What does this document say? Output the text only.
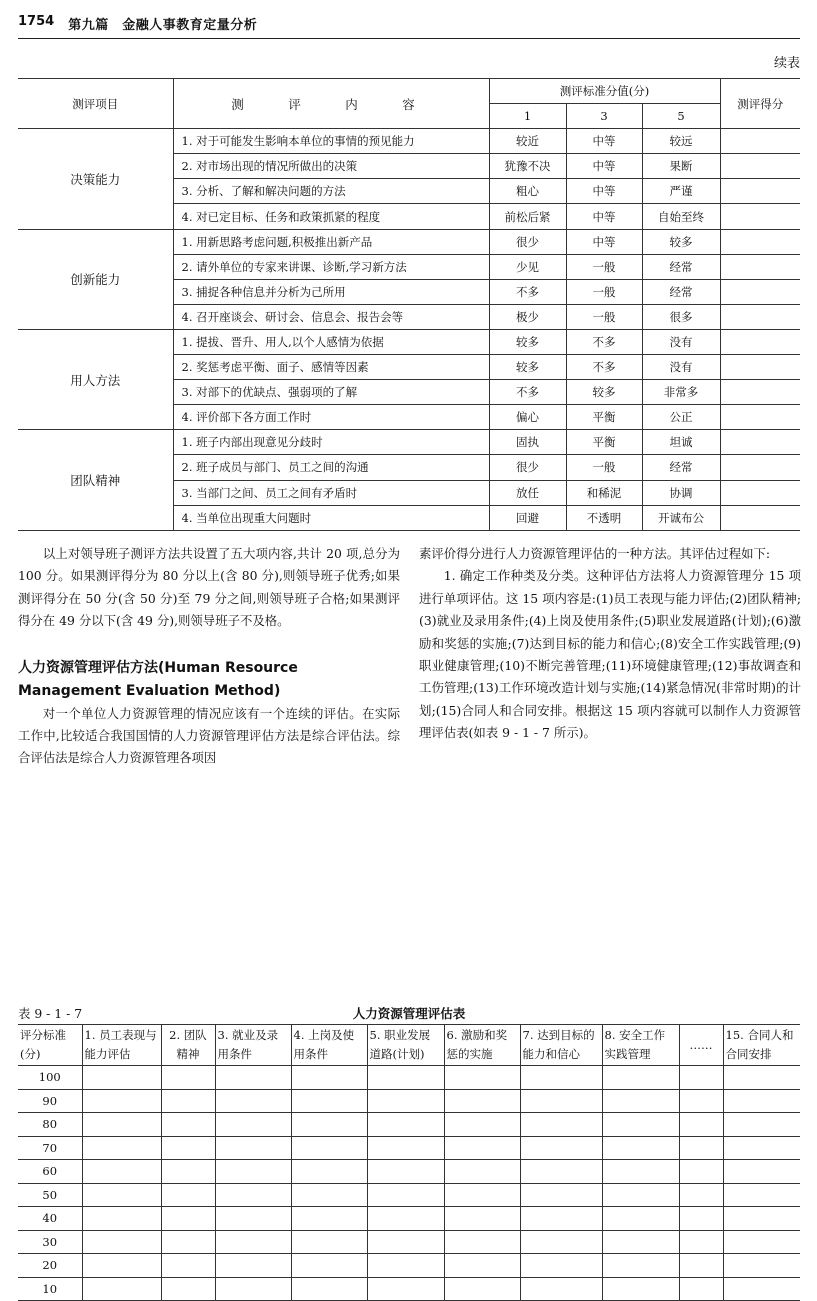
1754 第九篇　金融人事教育定量分析
续表
测评项目	测　评　内　容	测评标准分值(分)			测评得分
		1	3	5	
决策能力	1. 对于可能发生影响本单位的事情的预见能力	较近	中等	较远	
	2. 对市场出现的情况所做出的决策	犹豫不决	中等	果断	
	3. 分析、了解和解决问题的方法	粗心	中等	严谨	
	4. 对已定目标、任务和政策抓紧的程度	前松后紧	中等	自始至终	
创新能力	1. 用新思路考虑问题,积极推出新产品	很少	中等	较多	
	2. 请外单位的专家来讲课、诊断,学习新方法	少见	一般	经常	
	3. 捕捉各种信息并分析为己所用	不多	一般	经常	
	4. 召开座谈会、研讨会、信息会、报告会等	极少	一般	很多	
用人方法	1. 提拔、晋升、用人,以个人感情为依据	较多	不多	没有	
	2. 奖惩考虑平衡、面子、感情等因素	较多	不多	没有	
	3. 对部下的优缺点、强弱项的了解	不多	较多	非常多	
	4. 评价部下各方面工作时	偏心	平衡	公正	
团队精神	1. 班子内部出现意见分歧时	固执	平衡	坦诚	
	2. 班子成员与部门、员工之间的沟通	很少	一般	经常	
	3. 当部门之间、员工之间有矛盾时	放任	和稀泥	协调	
	4. 当单位出现重大问题时	回避	不透明	开诚布公	

以上对领导班子测评方法共设置了五大项内容,共计 20 项,总分为 100 分。如果测评得分为 80 分以上(含 80 分),则领导班子优秀;如果测评得分在 50 分(含 50 分)至 79 分之间,则领导班子合格;如果测评得分在 49 分以下(含 49 分),则领导班子不及格。

人力资源管理评估方法(Human Resource Management Evaluation Method)

对一个单位人力资源管理的情况应该有一个连续的评估。在实际工作中,比较适合我国国情的人力资源管理评估方法是综合评估法。综合评估法是综合人力资源管理各项因

素评价得分进行人力资源管理评估的一种方法。其评估过程如下:

1. 确定工作种类及分类。这种评估方法将人力资源管理分 15 项进行单项评估。这 15 项内容是:(1)员工表现与能力评估;(2)团队精神;(3)就业及录用条件;(4)上岗及使用条件;(5)职业发展道路(计划);(6)激励和奖惩的实施;(7)达到目标的能力和信心;(8)安全工作实践管理;(9)职业健康管理;(10)不断完善管理;(11)环境健康管理;(12)事故调查和工伤管理;(13)工作环境改造计划与实施;(14)紧急情况(非常时期)的计划;(15)合同人和合同安排。根据这 15 项内容就可以制作人力资源管理评估表(如表 9 - 1 - 7 所示)。

表 9 - 1 - 7	人力资源管理评估表
评分标准(分)	1. 员工表现与能力评估	2. 团队精神	3. 就业及录用条件	4. 上岗及使用条件	5. 职业发展道路(计划)	6. 激励和奖惩的实施	7. 达到目标的能力和信心	8. 安全工作实践管理	……	15. 合同人和合同安排
100										
90										
80										
70										
60										
50										
40										
30										
20										
10										
